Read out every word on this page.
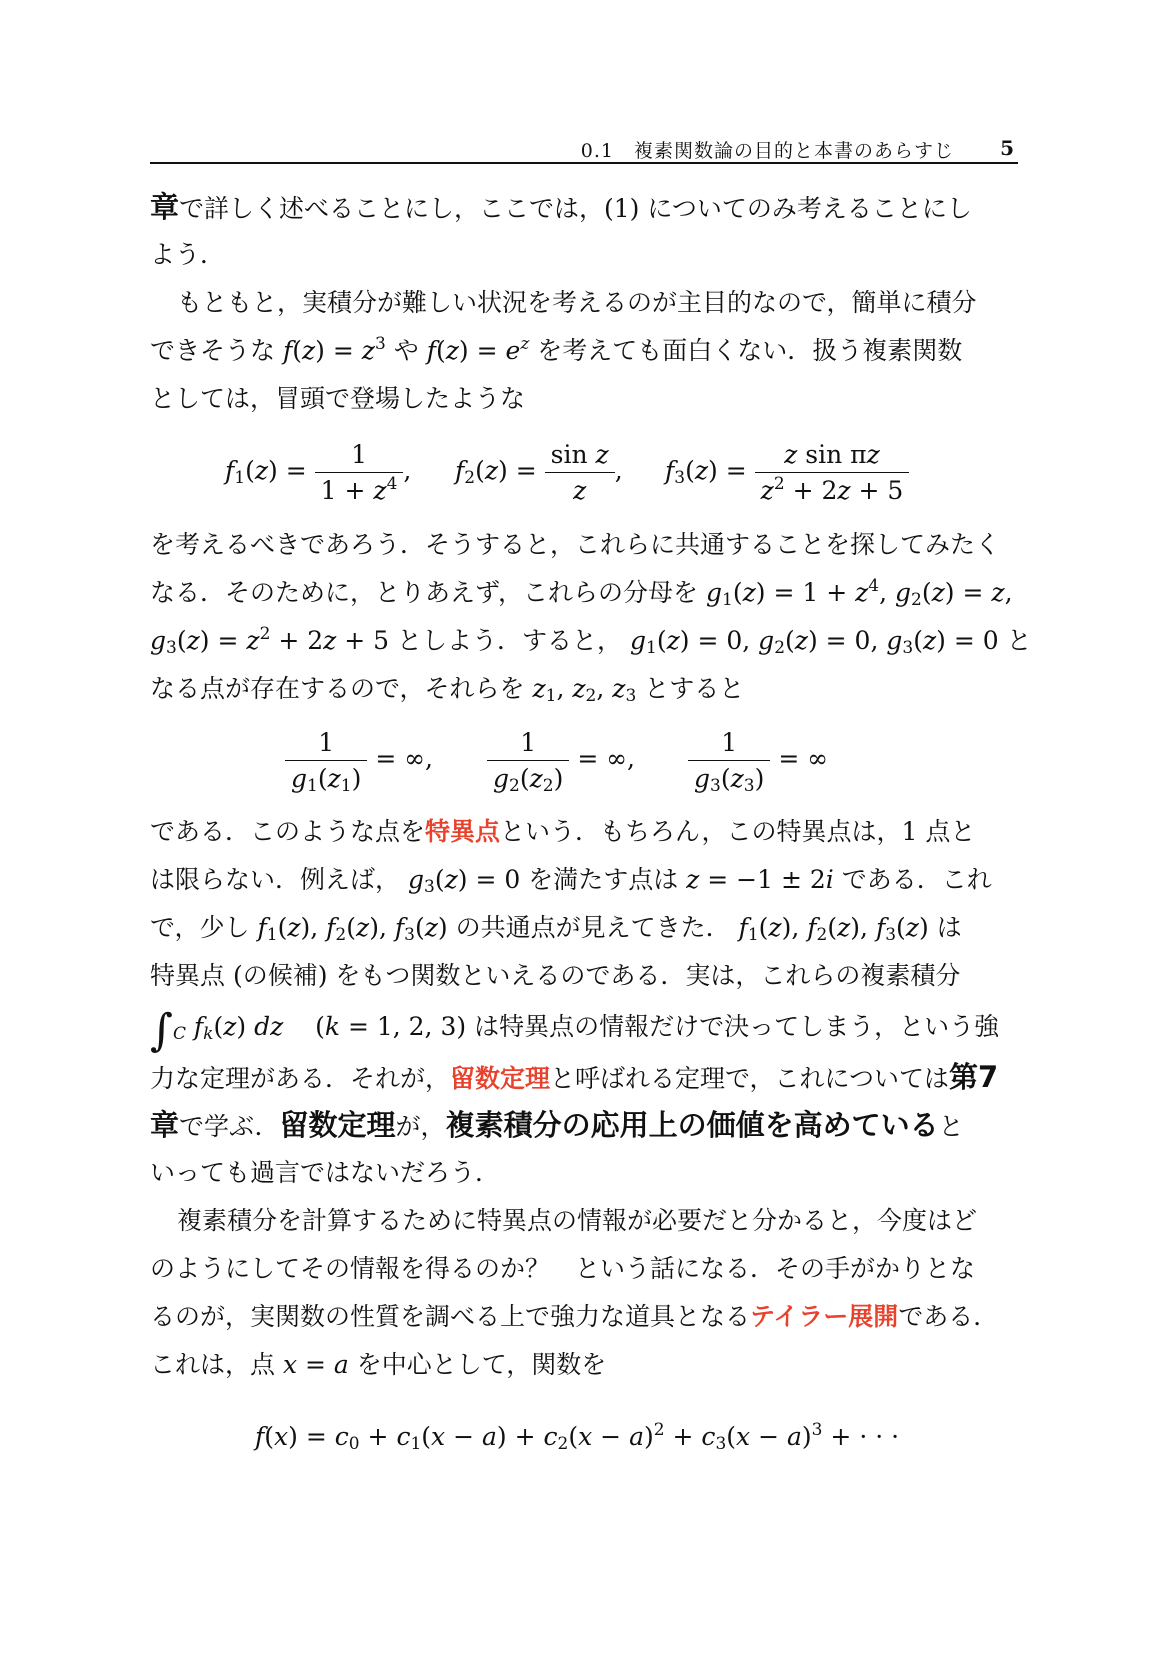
0.1　複素関数論の目的と本書のあらすじ 5
章で詳しく述べることにし，ここでは，(1) についてのみ考えることにし
よう．
もともと，実積分が難しい状況を考えるのが主目的なので，簡単に積分
できそうな $f(z) = z^3$ や $f(z) = e^z$ を考えても面白くない．扱う複素関数
としては，冒頭で登場したような
$f_1(z) = \frac{1}{1 + z^4}$ , $f_2(z) = \frac{\text{sin z}}{z}$ , $f_3(z) = \frac{\text{z sin πz}}{z^2 + 2z + 5}$
を考えるべきであろう．そうすると，これらに共通することを探してみたく
なる．そのために，とりあえず，これらの分母を $g_1(z) = 1 + z^4$, $g_2(z) = z$,
$g_3(z) = z^2 + 2z + 5$ としよう．すると， $g_1(z) = 0$, $g_2(z) = 0$, $g_3(z) = 0$ と
なる点が存在するので，それらを $z_1$, $z_2$, $z_3$ とすると
$\frac{1}{g_1(z_1)}$ = ∞, $\frac{1}{g_2(z_2)}$ = ∞, $\frac{1}{g_3(z_3)}$ = ∞
である．このような点を特異点という．もちろん，この特異点は，1 点と
は限らない．例えば， $g_3(z) = 0$ を満たす点は z = −1 ± 2i である．これ
で，少し $f_1(z)$, $f_2(z)$, $f_3(z)$ の共通点が見えてきた． $f_1(z)$, $f_2(z)$, $f_3(z)$ は
特異点 (の候補) をもつ関数といえるのである．実は，これらの複素積分
$\int_C$ $f_k(z)$ dz    (k = 1, 2, 3) は特異点の情報だけで決ってしまう，という強
力な定理がある．それが，留数定理と呼ばれる定理で，これについては第7
章で学ぶ．留数定理が，複素積分の応用上の価値を高めていると
いっても過言ではないだろう．
複素積分を計算するために特異点の情報が必要だと分かると，今度はど
のようにしてその情報を得るのか？　という話になる．その手がかりとな
るのが，実関数の性質を調べる上で強力な道具となるテイラー展開である．
これは，点 x = a を中心として，関数を
$f(x) = c_0 + c_1(x - a) + c_2(x - a)^2 + c_3(x - a)^3$ + · · ·
